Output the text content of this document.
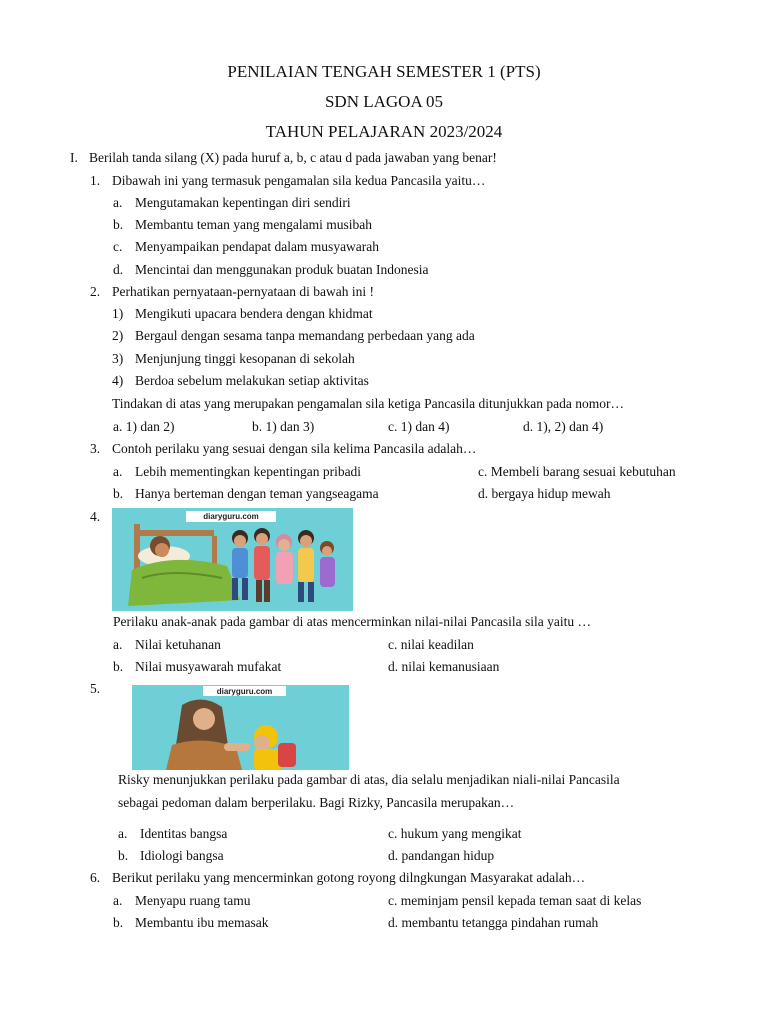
PENILAIAN TENGAH SEMESTER 1 (PTS)
SDN LAGOA 05
TAHUN PELAJARAN 2023/2024
I. Berilah tanda silang (X) pada huruf a, b, c atau d pada jawaban yang benar!
1. Dibawah ini yang termasuk pengamalan sila kedua Pancasila yaitu…
a. Mengutamakan kepentingan diri sendiri
b. Membantu teman yang mengalami musibah
c. Menyampaikan pendapat dalam musyawarah
d. Mencintai dan menggunakan produk buatan Indonesia
2. Perhatikan pernyataan-pernyataan di bawah ini !
1) Mengikuti upacara bendera dengan khidmat
2) Bergaul dengan sesama tanpa memandang perbedaan yang ada
3) Menjunjung tinggi kesopanan di sekolah
4) Berdoa sebelum melakukan setiap aktivitas
Tindakan di atas yang merupakan pengamalan sila ketiga Pancasila ditunjukkan pada nomor…
a. 1) dan 2)	b. 1) dan 3)	c. 1) dan 4)	d. 1), 2) dan 4)
3. Contoh perilaku yang sesuai dengan sila kelima Pancasila adalah…
a. Lebih mementingkan kepentingan pribadi	c. Membeli barang sesuai kebutuhan
b. Hanya berteman dengan teman yangseagama	d. bergaya hidup mewah
4.	diaryguru.com
Perilaku anak-anak pada gambar di atas mencerminkan nilai-nilai Pancasila sila yaitu …
a. Nilai ketuhanan	c. nilai keadilan
b. Nilai musyawarah mufakat	d. nilai kemanusiaan
5.	diaryguru.com
Risky menunjukkan perilaku pada gambar di atas, dia selalu menjadikan niali-nilai Pancasila
sebagai pedoman dalam berperilaku. Bagi Rizky, Pancasila merupakan…
a. Identitas bangsa	c. hukum yang mengikat
b. Idiologi bangsa	d. pandangan hidup
6. Berikut perilaku yang mencerminkan gotong royong dilngkungan Masyarakat adalah…
a. Menyapu ruang tamu	c. meminjam pensil kepada teman saat di kelas
b. Membantu ibu memasak	d. membantu tetangga pindahan rumah
